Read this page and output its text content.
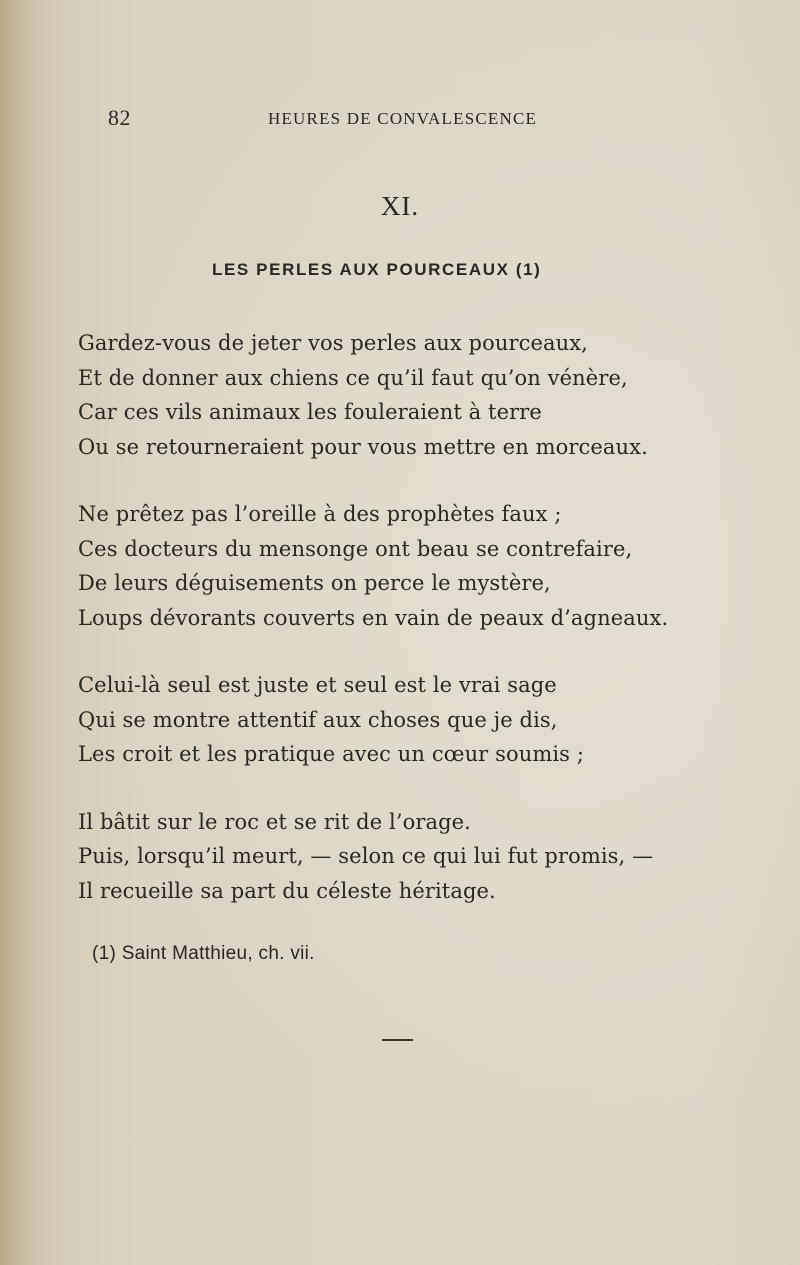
82	HEURES DE CONVALESCENCE
XI.
LES PERLES AUX POURCEAUX (1)
Gardez-vous de jeter vos perles aux pourceaux,
Et de donner aux chiens ce qu’il faut qu’on vénère,
Car ces vils animaux les fouleraient à terre
Ou se retourneraient pour vous mettre en morceaux.
Ne prêtez pas l’oreille à des prophètes faux ;
Ces docteurs du mensonge ont beau se contrefaire,
De leurs déguisements on perce le mystère,
Loups dévorants couverts en vain de peaux d’agneaux.
Celui-là seul est juste et seul est le vrai sage
Qui se montre attentif aux choses que je dis,
Les croit et les pratique avec un cœur soumis ;
Il bâtit sur le roc et se rit de l’orage.
Puis, lorsqu’il meurt, — selon ce qui lui fut promis, —
Il recueille sa part du céleste héritage.
(1) Saint Matthieu, ch. vii.
